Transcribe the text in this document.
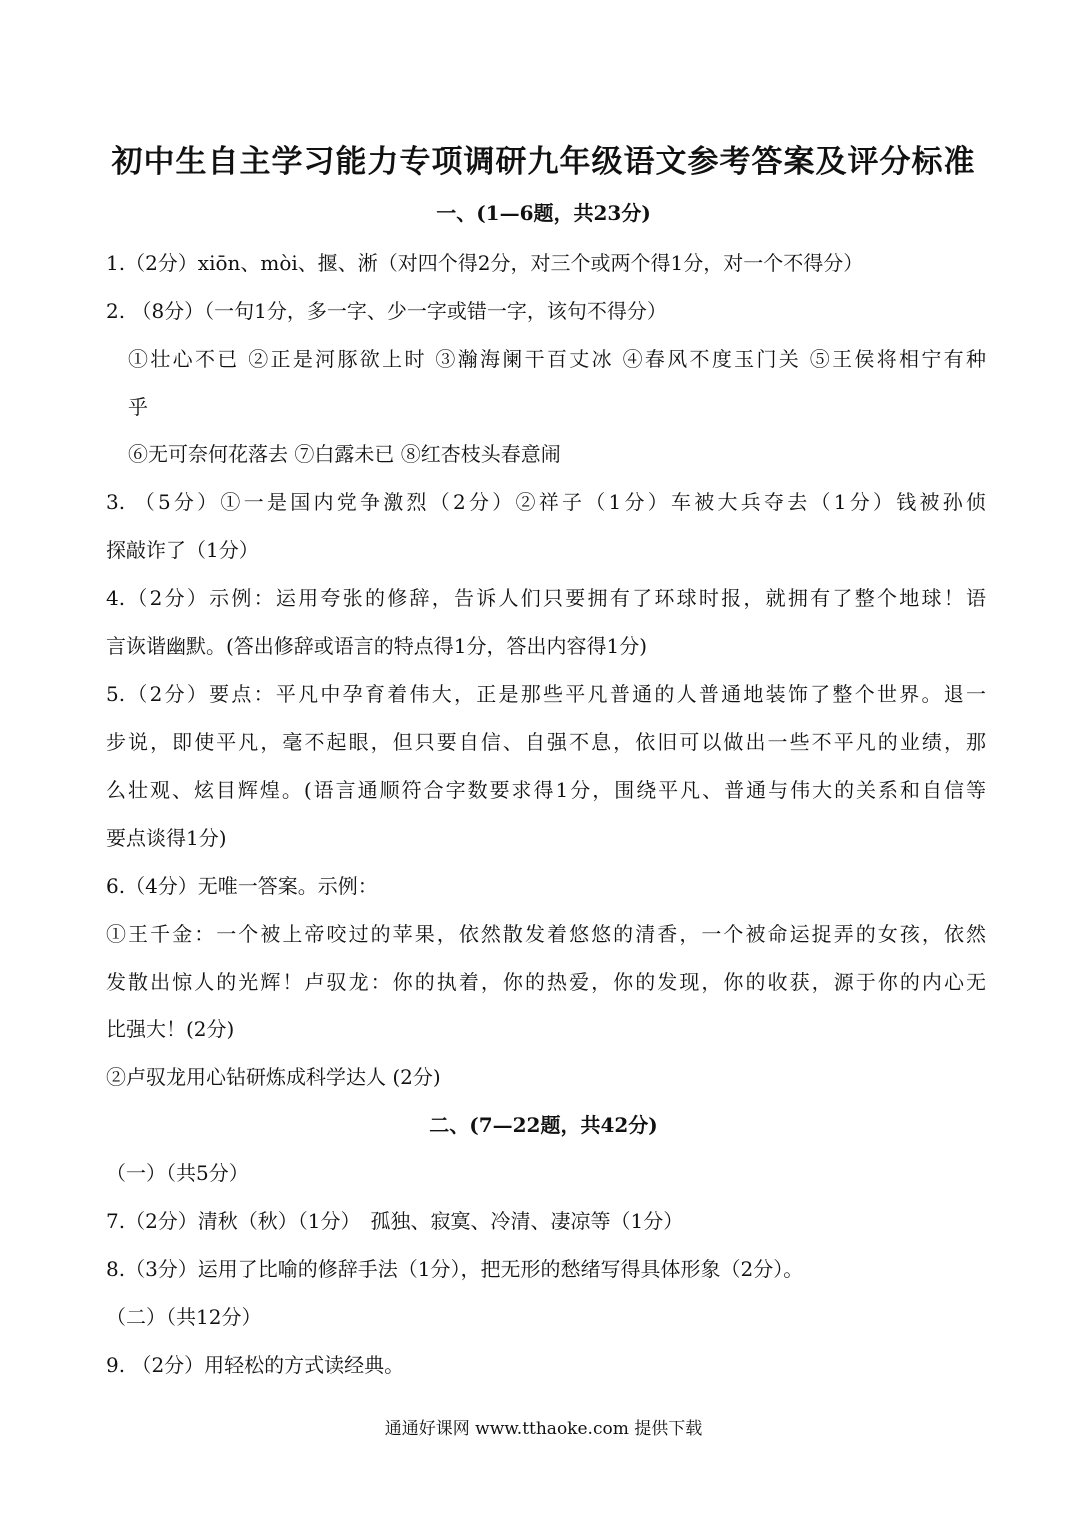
初中生自主学习能力专项调研九年级语文参考答案及评分标准
一、(1—6题，共23分)
1.（2分）xiōn、mòi、揠、淅（对四个得2分，对三个或两个得1分，对一个不得分）
2. （8分）（一句1分，多一字、少一字或错一字，该句不得分）
①壮心不已 ②正是河豚欲上时 ③瀚海阑干百丈冰 ④春风不度玉门关 ⑤王侯将相宁有种
乎
⑥无可奈何花落去 ⑦白露未已 ⑧红杏枝头春意闹
3. （5分）①一是国内党争激烈（2分）②祥子（1分）车被大兵夺去（1分）钱被孙侦
探敲诈了（1分）
4.（2分）示例：运用夸张的修辞，告诉人们只要拥有了环球时报，就拥有了整个地球！语
言诙谐幽默。(答出修辞或语言的特点得1分，答出内容得1分)
5.（2分）要点：平凡中孕育着伟大，正是那些平凡普通的人普通地装饰了整个世界。退一
步说，即使平凡，毫不起眼，但只要自信、自强不息，依旧可以做出一些不平凡的业绩，那
么壮观、炫目辉煌。(语言通顺符合字数要求得1分，围绕平凡、普通与伟大的关系和自信等
要点谈得1分)
6.（4分）无唯一答案。示例：
①王千金：一个被上帝咬过的苹果，依然散发着悠悠的清香，一个被命运捉弄的女孩，依然
发散出惊人的光辉！卢驭龙：你的执着，你的热爱，你的发现，你的收获，源于你的内心无
比强大！(2分)
②卢驭龙用心钻研炼成科学达人 (2分)
二、(7—22题，共42分)
（一）（共5分）
7.（2分）清秋（秋）（1分）　孤独、寂寞、冷清、凄凉等（1分）
8.（3分）运用了比喻的修辞手法（1分），把无形的愁绪写得具体形象（2分）。
（二）（共12分）
9. （2分）用轻松的方式读经典。
通通好课网 www.tthaoke.com 提供下载
